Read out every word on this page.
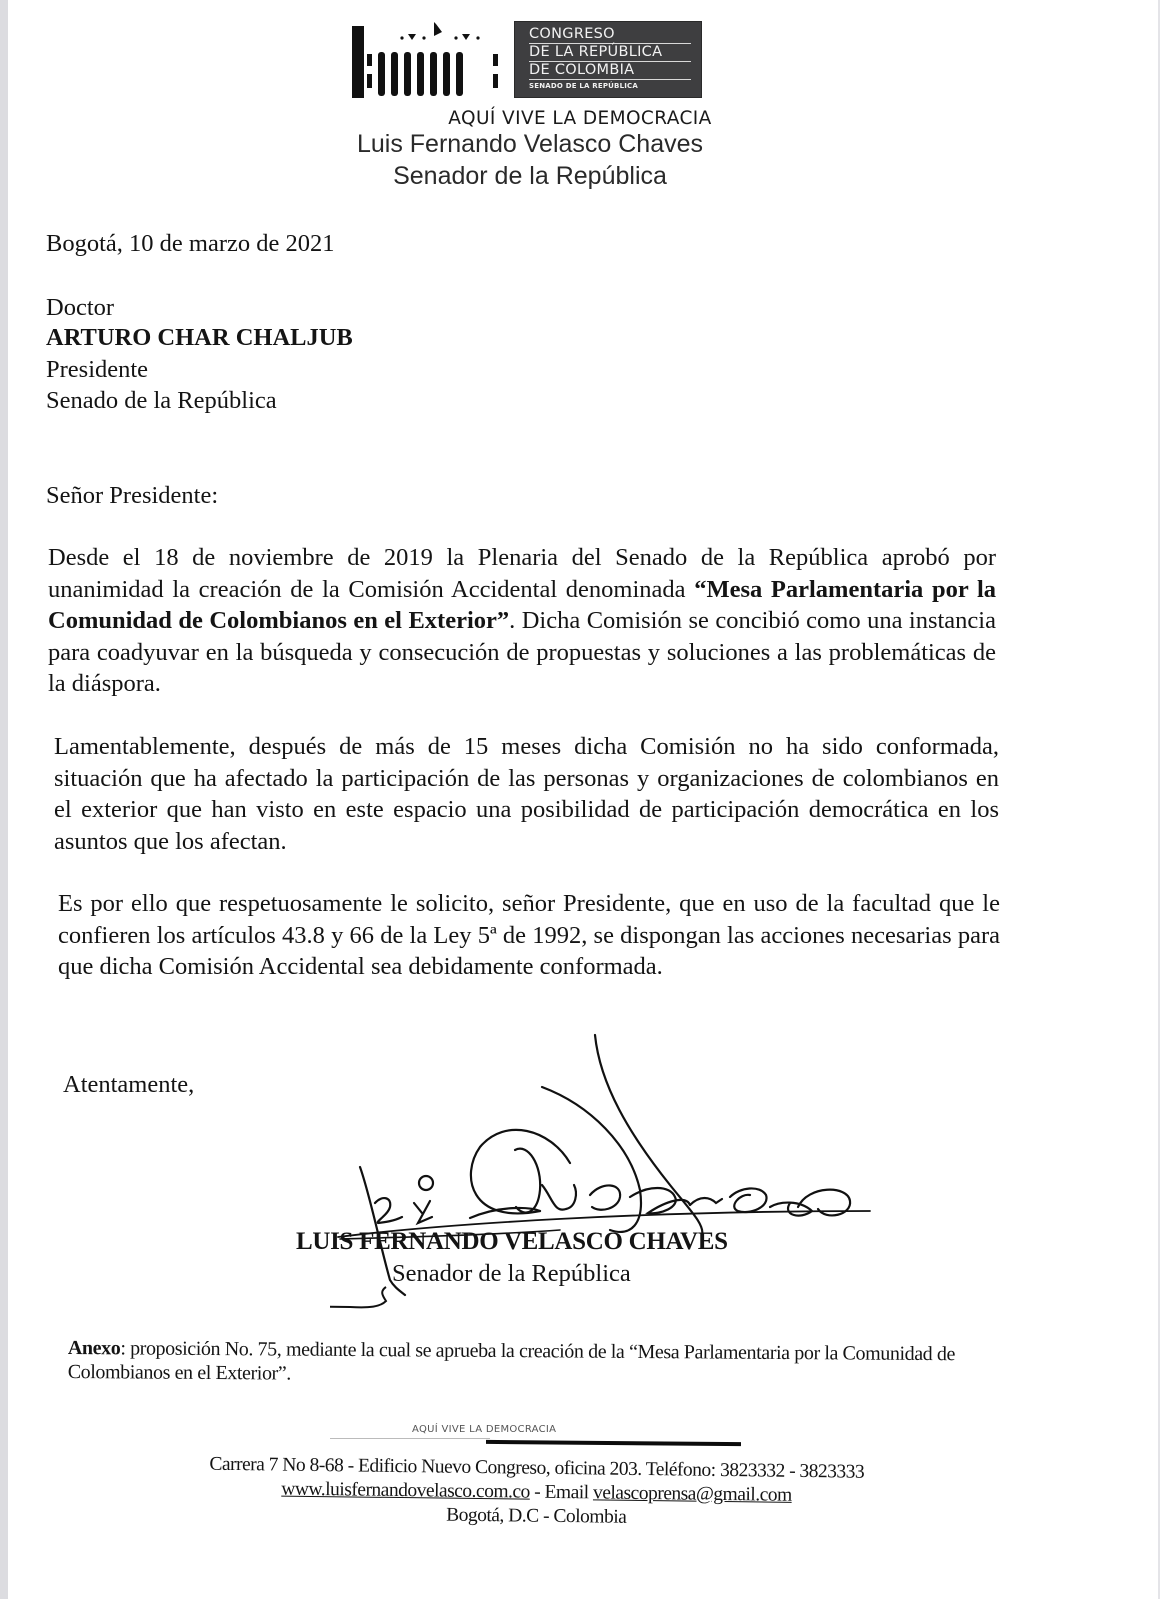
CONGRESO
DE LA REPÚBLICA
DE COLOMBIA
SENADO DE LA REPÚBLICA
AQUÍ VIVE LA DEMOCRACIA
Luis Fernando Velasco Chaves
Senador de la República
Bogotá, 10 de marzo de 2021
Doctor
ARTURO CHAR CHALJUB
Presidente
Senado de la República
Señor Presidente:
Desde el 18 de noviembre de 2019 la Plenaria del Senado de la República aprobó por unanimidad la creación de la Comisión Accidental denominada “Mesa Parlamentaria por la Comunidad de Colombianos en el Exterior”. Dicha Comisión se concibió como una instancia para coadyuvar en la búsqueda y consecución de propuestas y soluciones a las problemáticas de la diáspora.
Lamentablemente, después de más de 15 meses dicha Comisión no ha sido conformada, situación que ha afectado la participación de las personas y organizaciones de colombianos en el exterior que han visto en este espacio una posibilidad de participación democrática en los asuntos que los afectan.
Es por ello que respetuosamente le solicito, señor Presidente, que en uso de la facultad que le confieren los artículos 43.8 y 66 de la Ley 5ª de 1992, se dispongan las acciones necesarias para que dicha Comisión Accidental sea debidamente conformada.
Atentamente,
LUIS FERNANDO VELASCO CHAVES
Senador de la República
Anexo: proposición No. 75, mediante la cual se aprueba la creación de la “Mesa Parlamentaria por la Comunidad de Colombianos en el Exterior”.
AQUÍ VIVE LA DEMOCRACIA
Carrera 7 No 8-68 - Edificio Nuevo Congreso, oficina 203. Teléfono: 3823332 - 3823333
www.luisfernandovelasco.com.co - Email velascoprensa@gmail.com
Bogotá, D.C - Colombia
